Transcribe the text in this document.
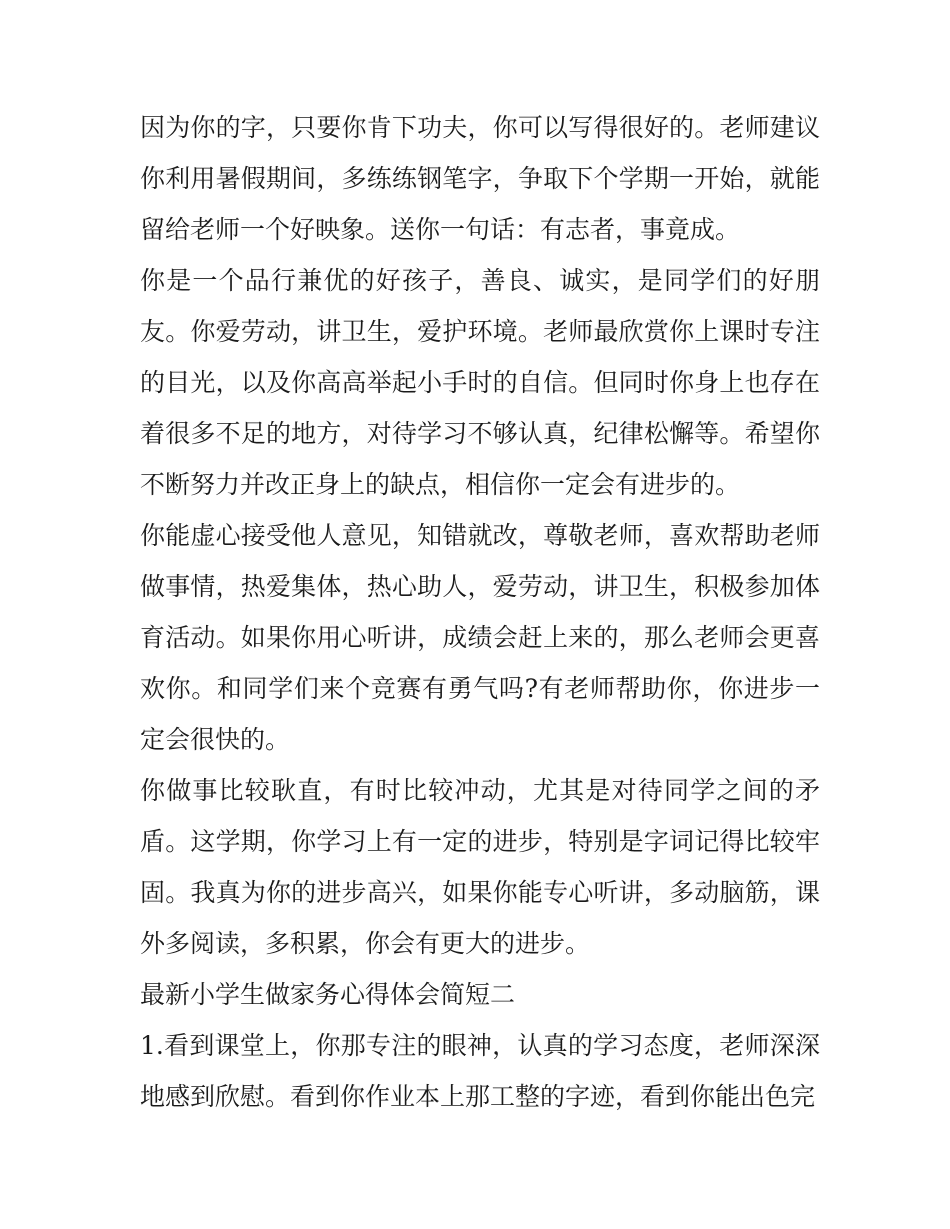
因为你的字，只要你肯下功夫，你可以写得很好的。老师建议你利用暑假期间，多练练钢笔字，争取下个学期一开始，就能留给老师一个好映象。送你一句话：有志者，事竟成。

你是一个品行兼优的好孩子，善良、诚实，是同学们的好朋友。你爱劳动，讲卫生，爱护环境。老师最欣赏你上课时专注的目光，以及你高高举起小手时的自信。但同时你身上也存在着很多不足的地方，对待学习不够认真，纪律松懈等。希望你不断努力并改正身上的缺点，相信你一定会有进步的。

你能虚心接受他人意见，知错就改，尊敬老师，喜欢帮助老师做事情，热爱集体，热心助人，爱劳动，讲卫生，积极参加体育活动。如果你用心听讲，成绩会赶上来的，那么老师会更喜欢你。和同学们来个竞赛有勇气吗?有老师帮助你，你进步一定会很快的。

你做事比较耿直，有时比较冲动，尤其是对待同学之间的矛盾。这学期，你学习上有一定的进步，特别是字词记得比较牢固。我真为你的进步高兴，如果你能专心听讲，多动脑筋，课外多阅读，多积累，你会有更大的进步。

最新小学生做家务心得体会简短二

1.看到课堂上，你那专注的眼神，认真的学习态度，老师深深地感到欣慰。看到你作业本上那工整的字迹，看到你能出色完
